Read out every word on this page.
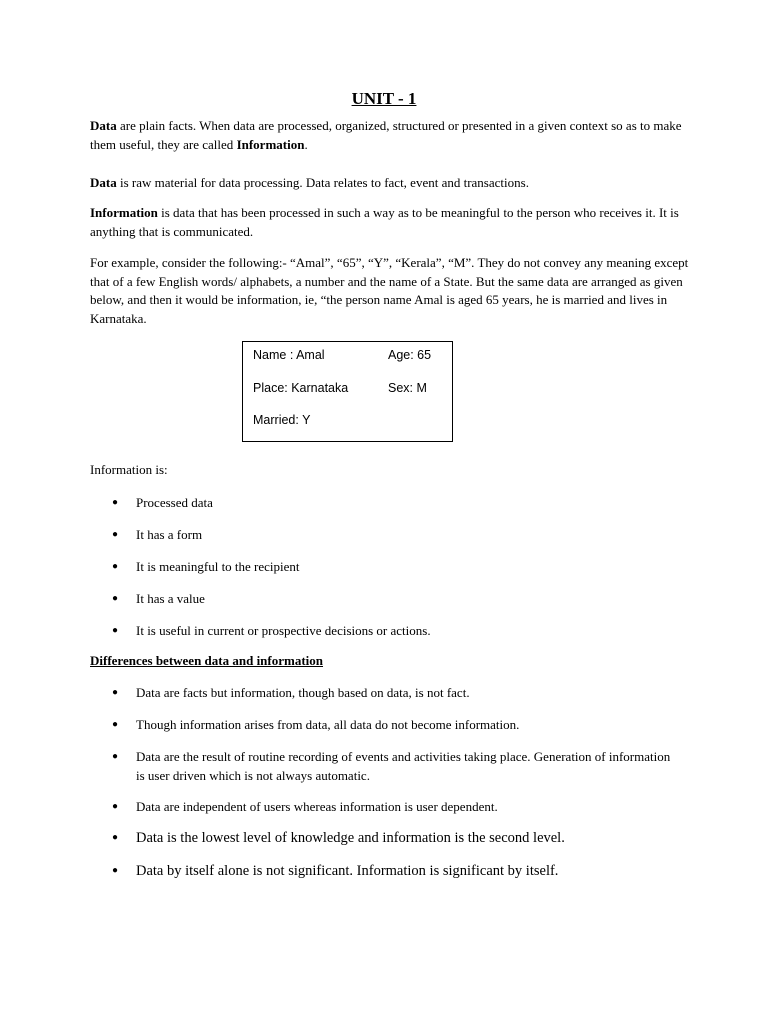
UNIT - 1

Data are plain facts. When data are processed, organized, structured or presented in a given context so as to make them useful, they are called Information.

Data is raw material for data processing. Data relates to fact, event and transactions.

Information is data that has been processed in such a way as to be meaningful to the person who receives it. It is anything that is communicated.

For example, consider the following:- “Amal”, “65”, “Y”, “Kerala”, “M”. They do not convey any meaning except that of a few English words/ alphabets, a number and the name of a State. But the same data are arranged as given below, and then it would be information, ie, “the person name Amal is aged 65 years, he is married and lives in Karnataka.

Name : Amal	Age: 65
Place: Karnataka	Sex: M
Married: Y
Information is:
● Processed data
● It has a form
● It is meaningful to the recipient
● It has a value
● It is useful in current or prospective decisions or actions.
Differences between data and information
● Data are facts but information, though based on data, is not fact.
● Though information arises from data, all data do not become information.
● Data are the result of routine recording of events and activities taking place. Generation of information is user driven which is not always automatic.
● Data are independent of users whereas information is user dependent.
● Data is the lowest level of knowledge and information is the second level.
● Data by itself alone is not significant. Information is significant by itself.
